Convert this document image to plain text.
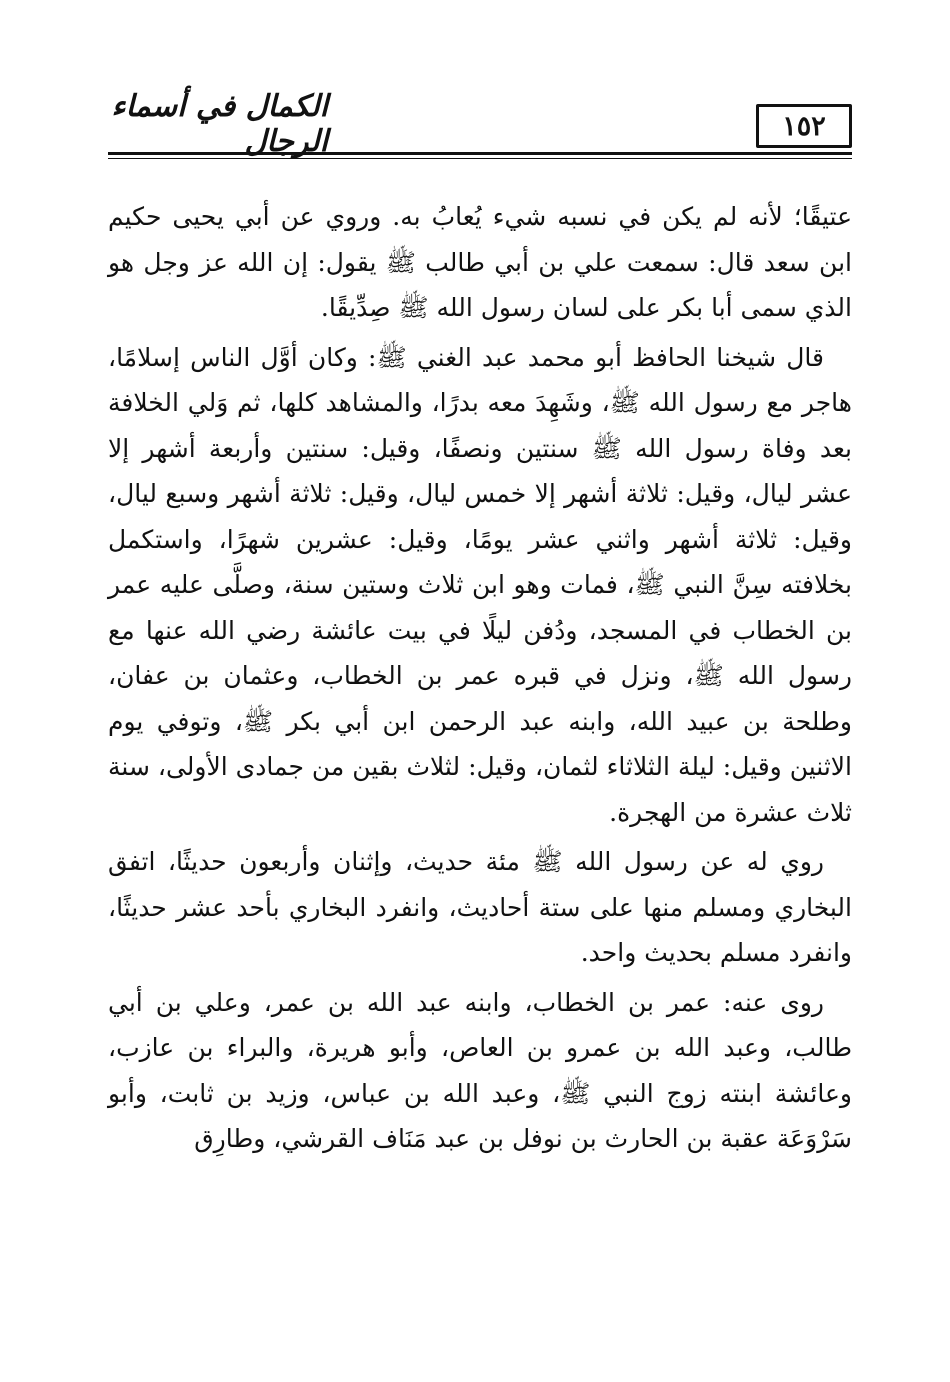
الكمال في أسماء الرجال	١٥٢

عتيقًا؛ لأنه لم يكن في نسبه شيء يُعابُ به. وروي عن أبي يحيى حكيم ابن سعد قال: سمعت علي بن أبي طالب ﷺ يقول: إن الله عز وجل هو الذي سمى أبا بكر على لسان رسول الله ﷺ صِدِّيقًا.

قال شيخنا الحافظ أبو محمد عبد الغني ﷺ: وكان أوَّل الناس إسلامًا، هاجر مع رسول الله ﷺ، وشَهِدَ معه بدرًا، والمشاهد كلها، ثم وَلي الخلافة بعد وفاة رسول الله ﷺ سنتين ونصفًا، وقيل: سنتين وأربعة أشهر إلا عشر ليال، وقيل: ثلاثة أشهر إلا خمس ليال، وقيل: ثلاثة أشهر وسبع ليال، وقيل: ثلاثة أشهر واثني عشر يومًا، وقيل: عشرين شهرًا، واستكمل بخلافته سِنَّ النبي ﷺ، فمات وهو ابن ثلاث وستين سنة، وصلَّى عليه عمر بن الخطاب في المسجد، ودُفن ليلًا في بيت عائشة رضي الله عنها مع رسول الله ﷺ، ونزل في قبره عمر بن الخطاب، وعثمان بن عفان، وطلحة بن عبيد الله، وابنه عبد الرحمن ابن أبي بكر ﷺ، وتوفي يوم الاثنين وقيل: ليلة الثلاثاء لثمان، وقيل: لثلاث بقين من جمادى الأولى، سنة ثلاث عشرة من الهجرة.

روي له عن رسول الله ﷺ مئة حديث، وإثنان وأربعون حديثًا، اتفق البخاري ومسلم منها على ستة أحاديث، وانفرد البخاري بأحد عشر حديثًا، وانفرد مسلم بحديث واحد.

روى عنه: عمر بن الخطاب، وابنه عبد الله بن عمر، وعلي بن أبي طالب، وعبد الله بن عمرو بن العاص، وأبو هريرة، والبراء بن عازب، وعائشة ابنته زوج النبي ﷺ، وعبد الله بن عباس، وزيد بن ثابت، وأبو سَرْوَعَة عقبة بن الحارث بن نوفل بن عبد مَنَاف القرشي، وطارِق
